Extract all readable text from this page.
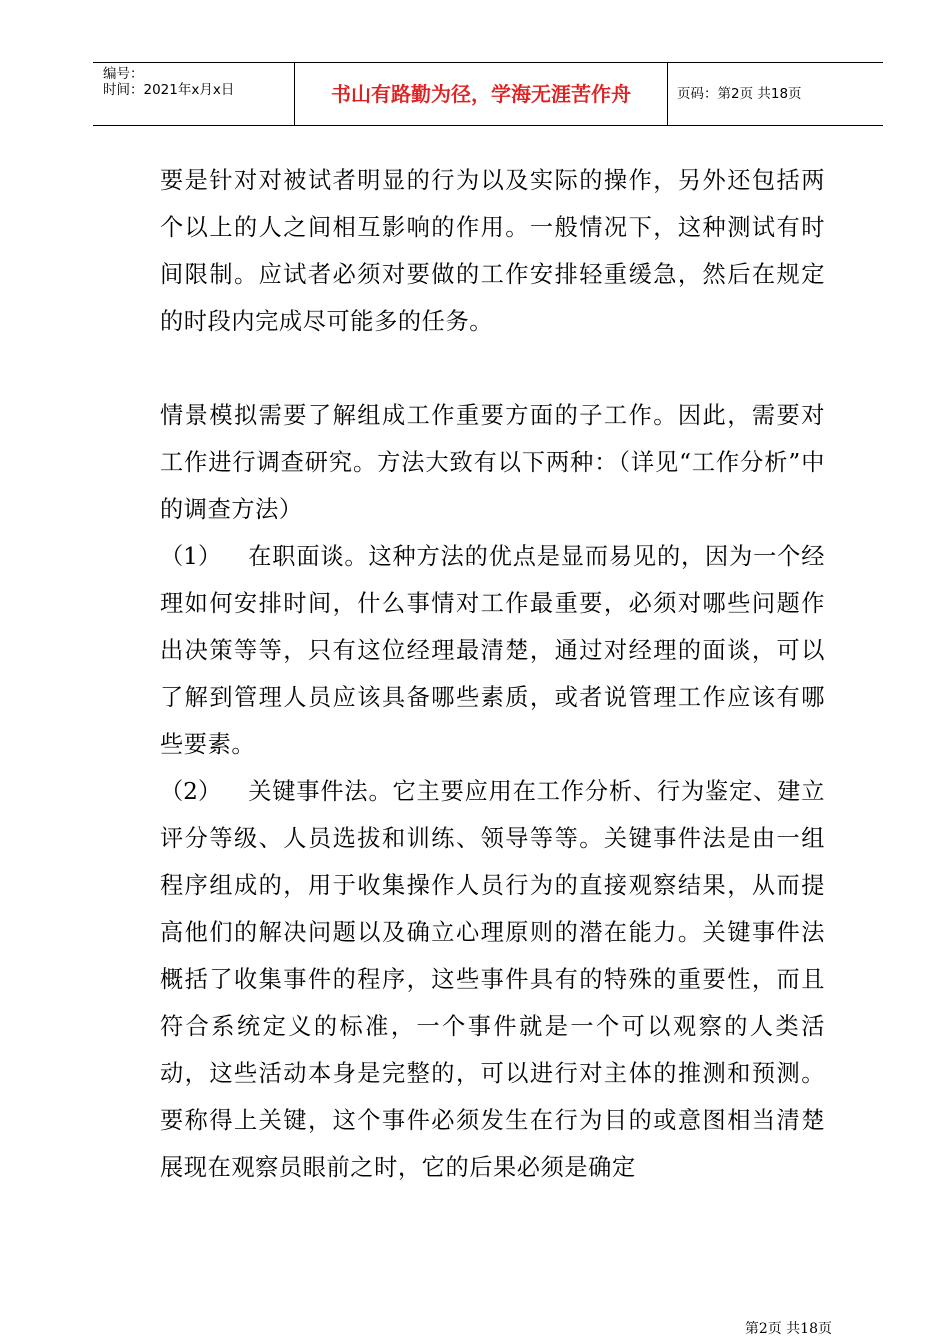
编号：
时间：2021年x月x日	书山有路勤为径，学海无涯苦作舟	页码：第2页 共18页

要是针对对被试者明显的行为以及实际的操作，另外还包括两个以上的人之间相互影响的作用。一般情况下，这种测试有时间限制。应试者必须对要做的工作安排轻重缓急，然后在规定的时段内完成尽可能多的任务。

情景模拟需要了解组成工作重要方面的子工作。因此，需要对工作进行调查研究。方法大致有以下两种：（详见“工作分析”中的调查方法）

（1） 在职面谈。这种方法的优点是显而易见的，因为一个经理如何安排时间，什么事情对工作最重要，必须对哪些问题作出决策等等，只有这位经理最清楚，通过对经理的面谈，可以了解到管理人员应该具备哪些素质，或者说管理工作应该有哪些要素。

（2） 关键事件法。它主要应用在工作分析、行为鉴定、建立评分等级、人员选拔和训练、领导等等。关键事件法是由一组程序组成的，用于收集操作人员行为的直接观察结果，从而提高他们的解决问题以及确立心理原则的潜在能力。关键事件法概括了收集事件的程序，这些事件具有的特殊的重要性，而且符合系统定义的标准，一个事件就是一个可以观察的人类活动，这些活动本身是完整的，可以进行对主体的推测和预测。要称得上关键，这个事件必须发生在行为目的或意图相当清楚展现在观察员眼前之时，它的后果必须是确定

第2页 共18页
